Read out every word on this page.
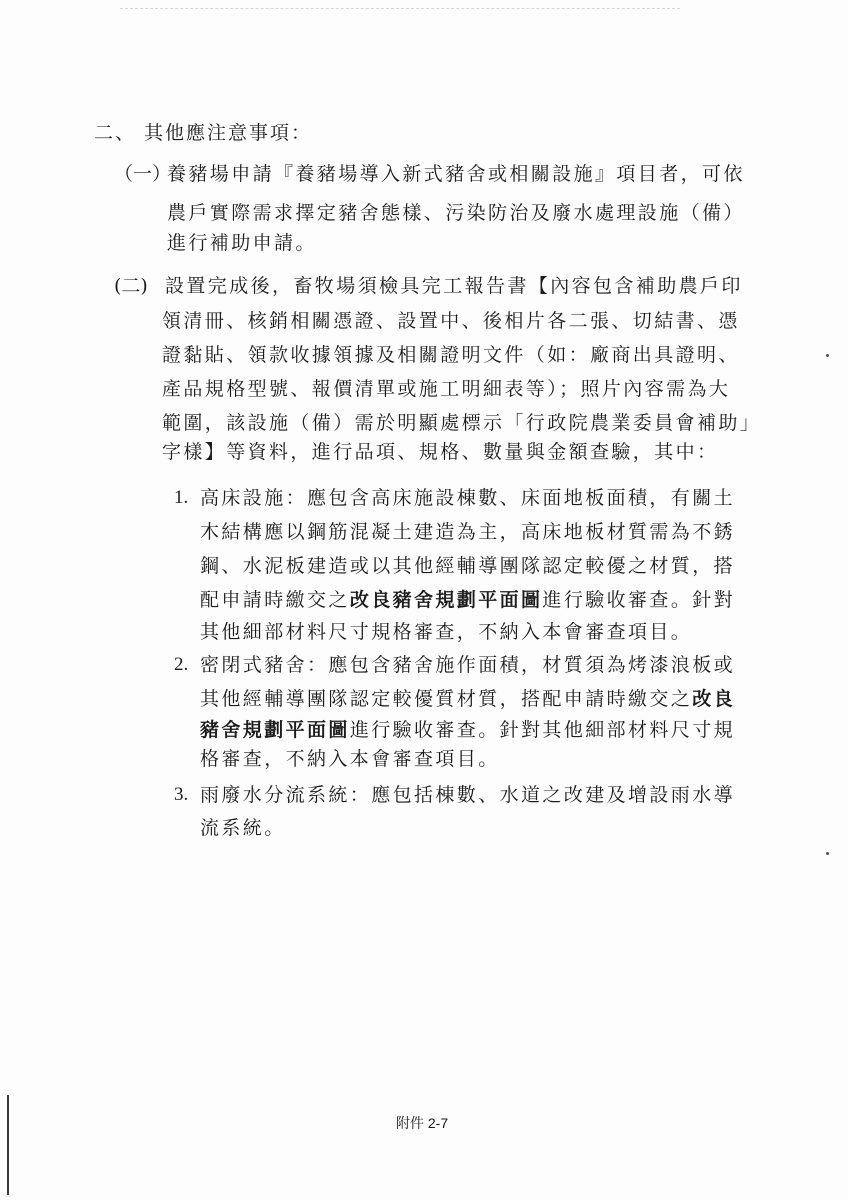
二、 其他應注意事項：
（一）
養豬場申請『養豬場導入新式豬舍或相關設施』項目者，可依
農戶實際需求擇定豬舍態樣、污染防治及廢水處理設施（備）
進行補助申請。
(二) 設置完成後，畜牧場須檢具完工報告書【內容包含補助農戶印
領清冊、核銷相關憑證、設置中、後相片各二張、切結書、憑
證黏貼、領款收據領據及相關證明文件（如：廠商出具證明、
產品規格型號、報價清單或施工明細表等）；照片內容需為大
範圍，該設施（備）需於明顯處標示「行政院農業委員會補助」
字樣】等資料，進行品項、規格、數量與金額查驗，其中：
1. 高床設施：應包含高床施設棟數、床面地板面積，有關土
木結構應以鋼筋混凝土建造為主，高床地板材質需為不銹
鋼、水泥板建造或以其他經輔導團隊認定較優之材質，搭
配申請時繳交之改良豬舍規劃平面圖進行驗收審查。針對
其他細部材料尺寸規格審查，不納入本會審查項目。
2. 密閉式豬舍：應包含豬舍施作面積，材質須為烤漆浪板或
其他經輔導團隊認定較優質材質，搭配申請時繳交之改良
豬舍規劃平面圖進行驗收審查。針對其他細部材料尺寸規
格審查，不納入本會審查項目。
3. 雨廢水分流系統：應包括棟數、水道之改建及增設雨水導
流系統。
附件 2-7
